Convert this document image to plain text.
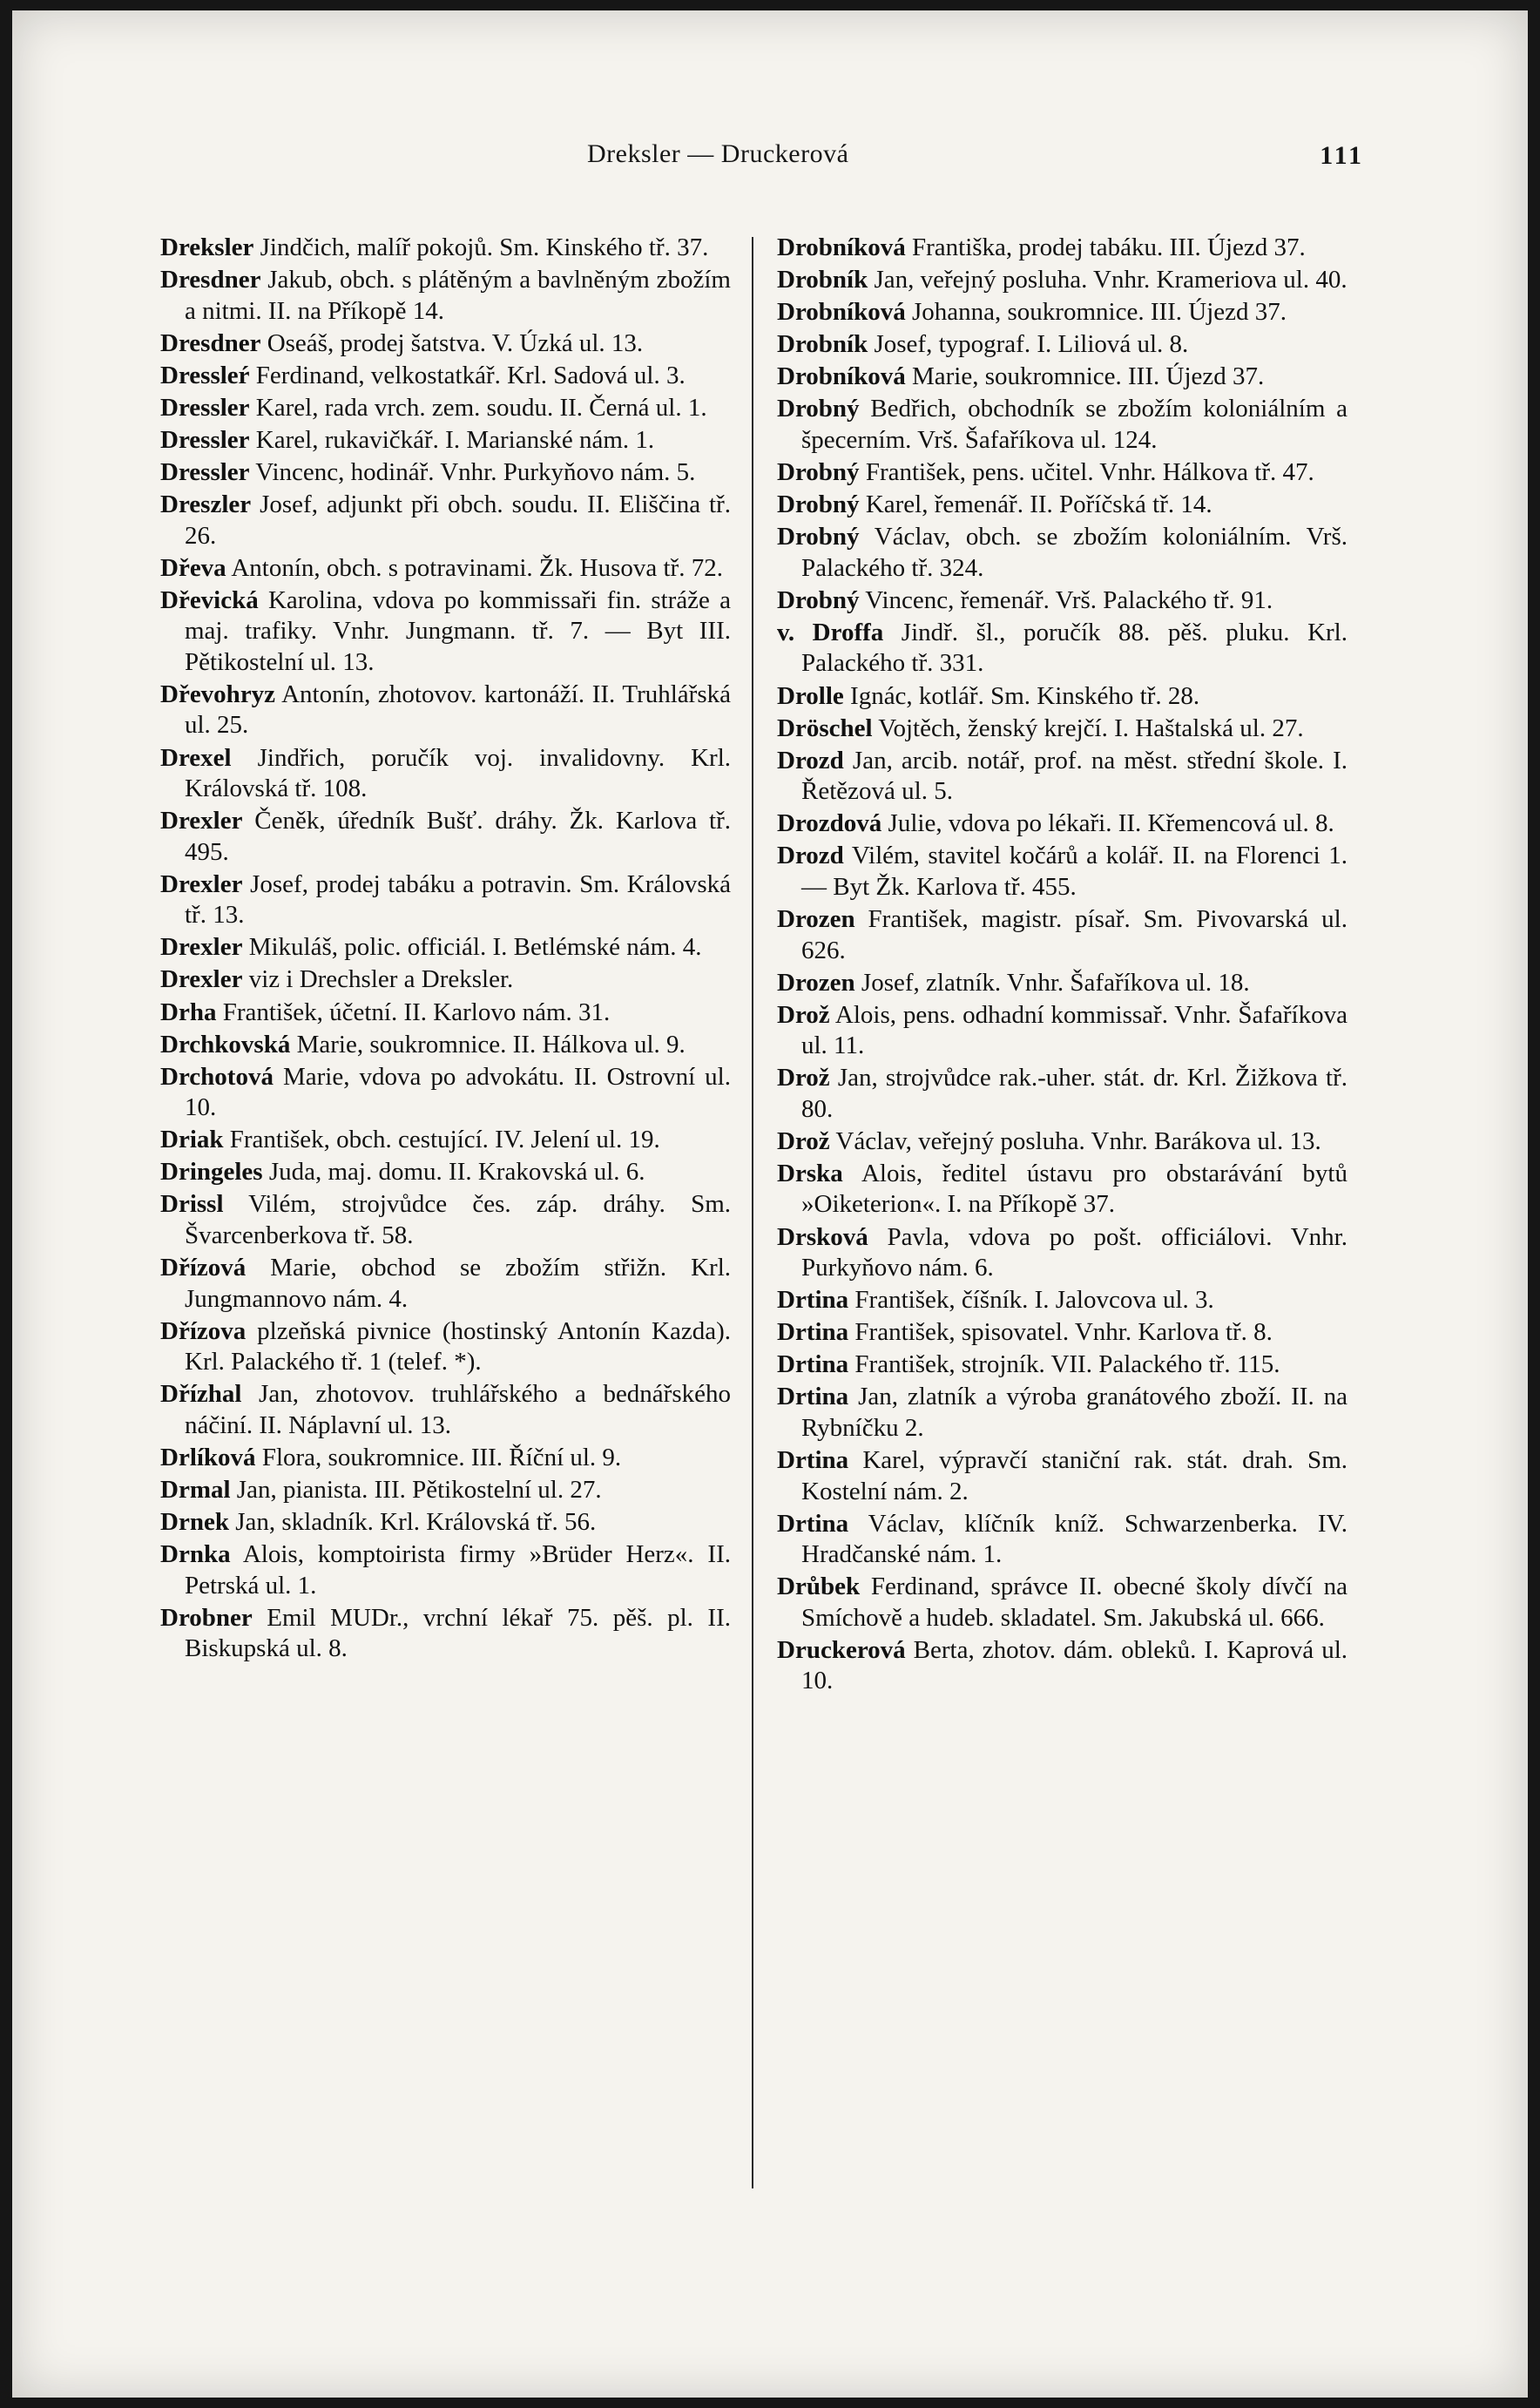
Dreksler — Druckerová	111
Dreksler Jindčich, malíř pokojů. Sm. Kinského tř. 37.
Dresdner Jakub, obch. s plátěným a bavlněným zbožím a nitmi. II. na Příkopě 14.
Dresdner Oseáš, prodej šatstva. V. Úzká ul. 13.
Dressleŕ Ferdinand, velkostatkář. Krl. Sadová ul. 3.
Dressler Karel, rada vrch. zem. soudu. II. Černá ul. 1.
Dressler Karel, rukavičkář. I. Marianské nám. 1.
Dressler Vincenc, hodinář. Vnhr. Purkyňovo nám. 5.
Dreszler Josef, adjunkt při obch. soudu. II. Eliščina tř. 26.
Dřeva Antonín, obch. s potravinami. Žk. Husova tř. 72.
Dřevická Karolina, vdova po kommissaři fin. stráže a maj. trafiky. Vnhr. Jungmann. tř. 7. — Byt III. Pětikostelní ul. 13.
Dřevohryz Antonín, zhotovov. kartonáží. II. Truhlářská ul. 25.
Drexel Jindřich, poručík voj. invalidovny. Krl. Královská tř. 108.
Drexler Čeněk, úředník Bušť. dráhy. Žk. Karlova tř. 495.
Drexler Josef, prodej tabáku a potravin. Sm. Královská tř. 13.
Drexler Mikuláš, polic. officiál. I. Betlémské nám. 4.
Drexler viz i Drechsler a Dreksler.
Drha František, účetní. II. Karlovo nám. 31.
Drchkovská Marie, soukromnice. II. Hálkova ul. 9.
Drchotová Marie, vdova po advokátu. II. Ostrovní ul. 10.
Driak František, obch. cestující. IV. Jelení ul. 19.
Dringeles Juda, maj. domu. II. Krakovská ul. 6.
Drissl Vilém, strojvůdce čes. záp. dráhy. Sm. Švarcenberkova tř. 58.
Dřízová Marie, obchod se zbožím střižn. Krl. Jungmannovo nám. 4.
Dřízova plzeňská pivnice (hostinský Antonín Kazda). Krl. Palackého tř. 1 (telef. *).
Dřízhal Jan, zhotovov. truhlářského a bednářského náčiní. II. Náplavní ul. 13.
Drlíková Flora, soukromnice. III. Říční ul. 9.
Drmal Jan, pianista. III. Pětikostelní ul. 27.
Drnek Jan, skladník. Krl. Královská tř. 56.
Drnka Alois, komptoirista firmy »Brüder Herz«. II. Petrská ul. 1.
Drobner Emil MUDr., vrchní lékař 75. pěš. pl. II. Biskupská ul. 8.
Drobníková Františka, prodej tabáku. III. Újezd 37.
Drobník Jan, veřejný posluha. Vnhr. Krameriova ul. 40.
Drobníková Johanna, soukromnice. III. Újezd 37.
Drobník Josef, typograf. I. Liliová ul. 8.
Drobníková Marie, soukromnice. III. Újezd 37.
Drobný Bedřich, obchodník se zbožím koloniálním a špecerním. Vrš. Šafaříkova ul. 124.
Drobný František, pens. učitel. Vnhr. Hálkova tř. 47.
Drobný Karel, řemenář. II. Poříčská tř. 14.
Drobný Václav, obch. se zbožím koloniálním. Vrš. Palackého tř. 324.
Drobný Vincenc, řemenář. Vrš. Palackého tř. 91.
v. Droffa Jindř. šl., poručík 88. pěš. pluku. Krl. Palackého tř. 331.
Drolle Ignác, kotlář. Sm. Kinského tř. 28.
Dröschel Vojtěch, ženský krejčí. I. Haštalská ul. 27.
Drozd Jan, arcib. notář, prof. na měst. střední škole. I. Řetězová ul. 5.
Drozdová Julie, vdova po lékaři. II. Křemencová ul. 8.
Drozd Vilém, stavitel kočárů a kolář. II. na Florenci 1. — Byt Žk. Karlova tř. 455.
Drozen František, magistr. písař. Sm. Pivovarská ul. 626.
Drozen Josef, zlatník. Vnhr. Šafaříkova ul. 18.
Drož Alois, pens. odhadní kommissař. Vnhr. Šafaříkova ul. 11.
Drož Jan, strojvůdce rak.-uher. stát. dr. Krl. Žižkova tř. 80.
Drož Václav, veřejný posluha. Vnhr. Barákova ul. 13.
Drska Alois, ředitel ústavu pro obstarávání bytů »Oiketerion«. I. na Příkopě 37.
Drsková Pavla, vdova po pošt. officiálovi. Vnhr. Purkyňovo nám. 6.
Drtina František, číšník. I. Jalovcova ul. 3.
Drtina František, spisovatel. Vnhr. Karlova tř. 8.
Drtina František, strojník. VII. Palackého tř. 115.
Drtina Jan, zlatník a výroba granátového zboží. II. na Rybníčku 2.
Drtina Karel, výpravčí staniční rak. stát. drah. Sm. Kostelní nám. 2.
Drtina Václav, klíčník kníž. Schwarzenberka. IV. Hradčanské nám. 1.
Drůbek Ferdinand, správce II. obecné školy dívčí na Smíchově a hudeb. skladatel. Sm. Jakubská ul. 666.
Druckerová Berta, zhotov. dám. obleků. I. Kaprová ul. 10.
